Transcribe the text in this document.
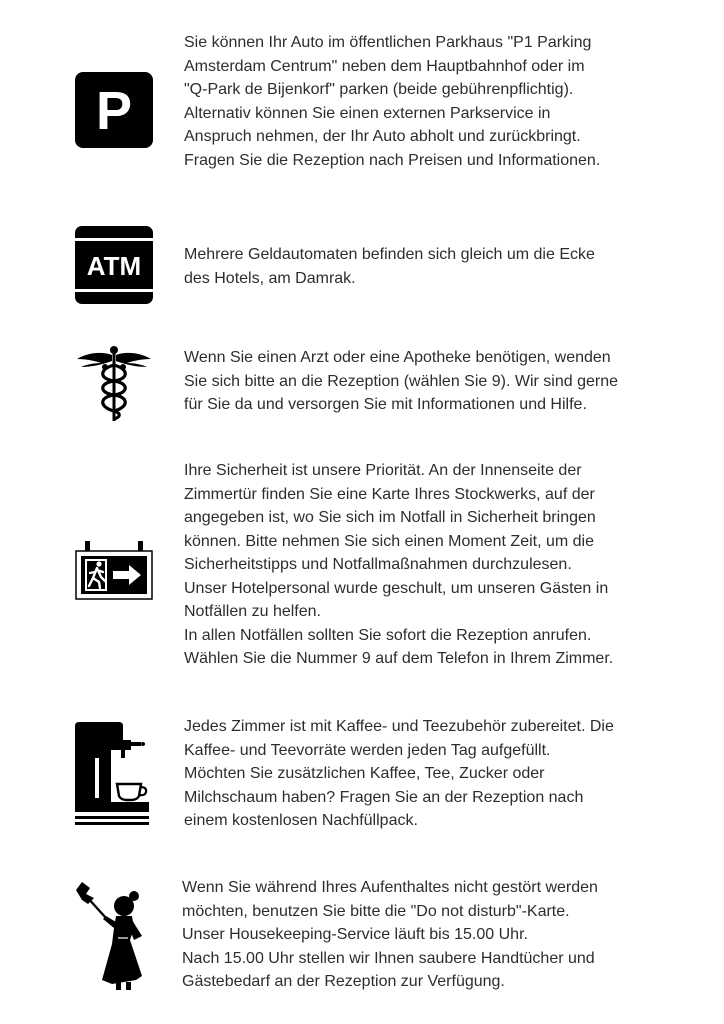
P

Sie können Ihr Auto im öffentlichen Parkhaus "P1 Parking
Amsterdam Centrum" neben dem Hauptbahnhof oder im
"Q-Park de Bijenkorf" parken (beide gebührenpflichtig).
Alternativ können Sie einen externen Parkservice in
Anspruch nehmen, der Ihr Auto abholt und zurückbringt.
Fragen Sie die Rezeption nach Preisen und Informationen.

ATM	Mehrere Geldautomaten befinden sich gleich um die Ecke
des Hotels, am Damrak.

Wenn Sie einen Arzt oder eine Apotheke benötigen, wenden
Sie sich bitte an die Rezeption (wählen Sie 9). Wir sind gerne
für Sie da und versorgen Sie mit Informationen und Hilfe.

Ihre Sicherheit ist unsere Priorität. An der Innenseite der
Zimmertür finden Sie eine Karte Ihres Stockwerks, auf der
angegeben ist, wo Sie sich im Notfall in Sicherheit bringen
können. Bitte nehmen Sie sich einen Moment Zeit, um die
Sicherheitstipps und Notfallmaßnahmen durchzulesen.
Unser Hotelpersonal wurde geschult, um unseren Gästen in
Notfällen zu helfen.
In allen Notfällen sollten Sie sofort die Rezeption anrufen.
Wählen Sie die Nummer 9 auf dem Telefon in Ihrem Zimmer.

Jedes Zimmer ist mit Kaffee- und Teezubehör zubereitet. Die
Kaffee- und Teevorräte werden jeden Tag aufgefüllt.
Möchten Sie zusätzlichen Kaffee, Tee, Zucker oder
Milchschaum haben? Fragen Sie an der Rezeption nach
einem kostenlosen Nachfüllpack.

Wenn Sie während Ihres Aufenthaltes nicht gestört werden
möchten, benutzen Sie bitte die "Do not disturb"-Karte.
Unser Housekeeping-Service läuft bis 15.00 Uhr.
Nach 15.00 Uhr stellen wir Ihnen saubere Handtücher und
Gästebedarf an der Rezeption zur Verfügung.
